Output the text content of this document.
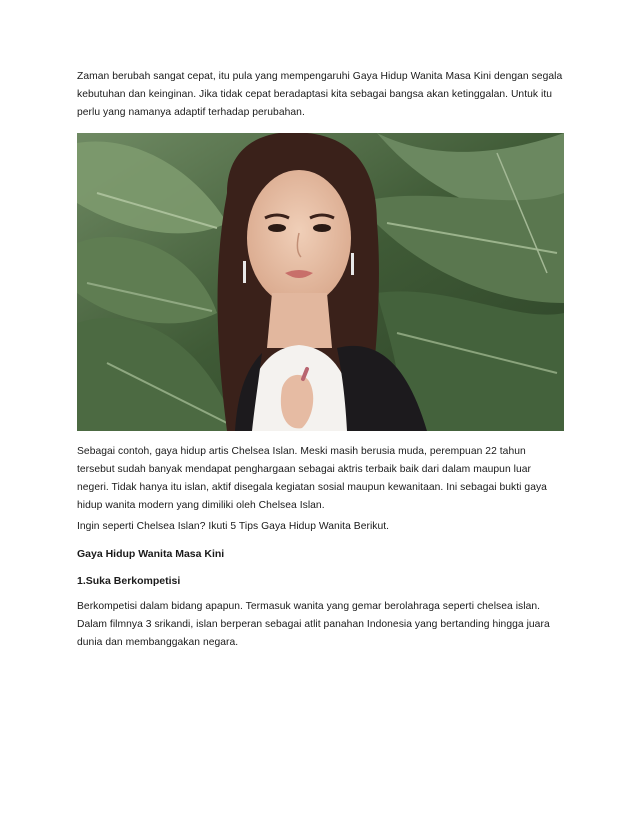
Zaman berubah sangat cepat, itu pula yang mempengaruhi Gaya Hidup Wanita Masa Kini dengan segala
kebutuhan dan keinginan. Jika tidak cepat beradaptasi kita sebagai bangsa akan ketinggalan. Untuk itu
perlu yang namanya adaptif terhadap perubahan.

Sebagai contoh, gaya hidup artis Chelsea Islan. Meski masih berusia muda, perempuan 22 tahun
tersebut sudah banyak mendapat penghargaan sebagai aktris terbaik baik dari dalam maupun luar
negeri. Tidak hanya itu islan, aktif disegala kegiatan sosial maupun kewanitaan. Ini sebagai bukti gaya
hidup wanita modern yang dimiliki oleh Chelsea Islan.

Ingin seperti Chelsea Islan? Ikuti 5 Tips Gaya Hidup Wanita Berikut.

Gaya Hidup Wanita Masa Kini
1.Suka Berkompetisi

Berkompetisi dalam bidang apapun. Termasuk wanita yang gemar berolahraga seperti chelsea islan.
Dalam filmnya 3 srikandi, islan berperan sebagai atlit panahan Indonesia yang bertanding hingga juara
dunia dan membanggakan negara.
